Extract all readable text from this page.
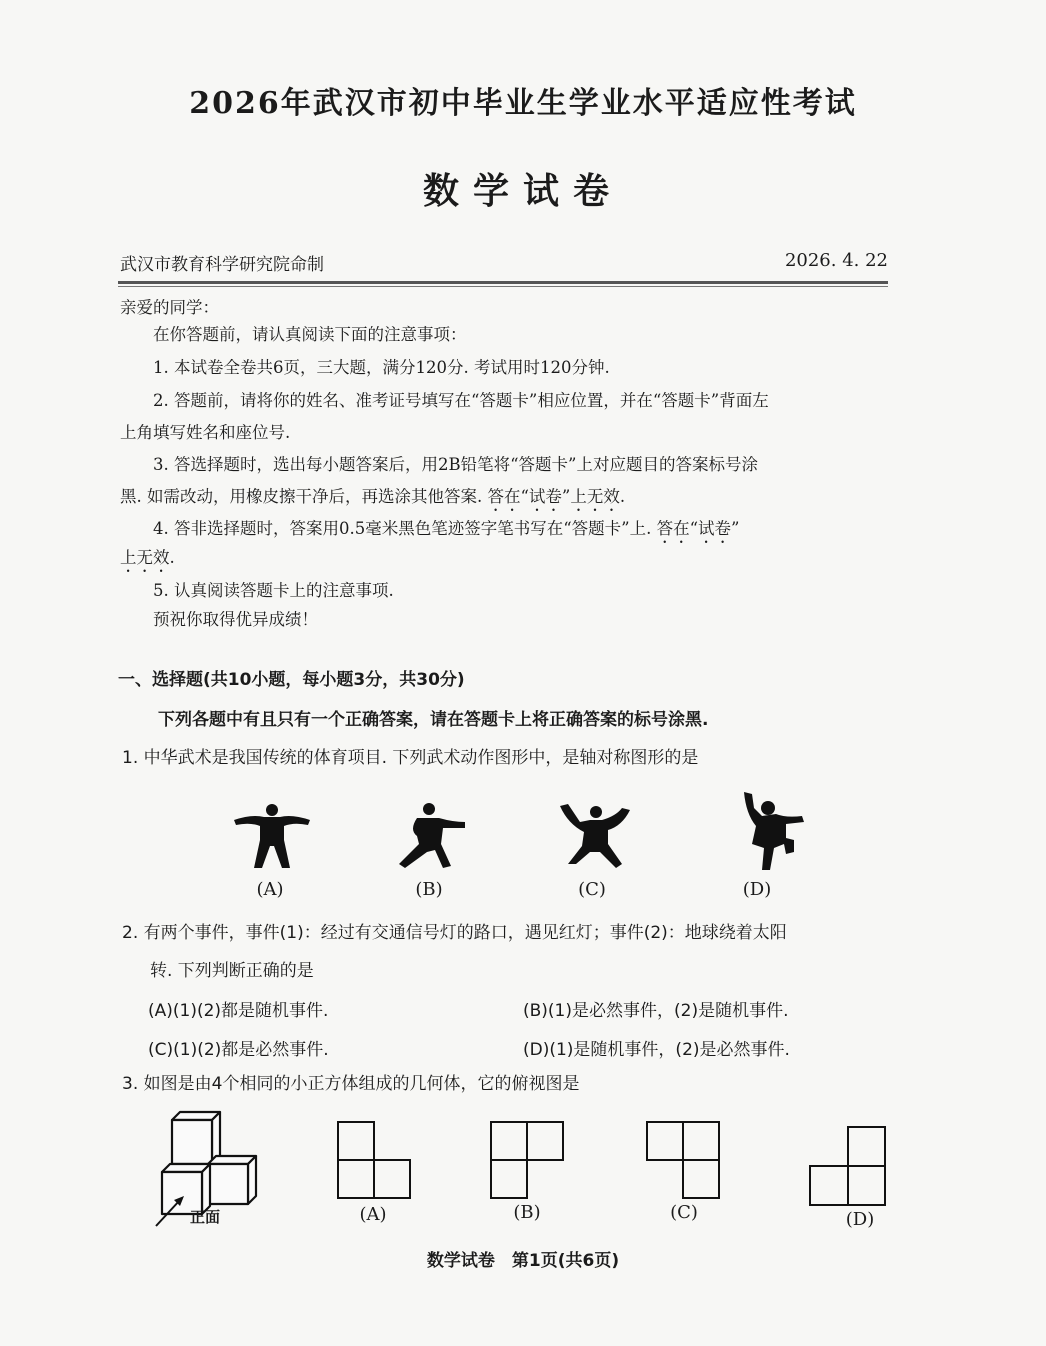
2026年武汉市初中毕业生学业水平适应性考试
数学试卷
武汉市教育科学研究院命制	2026. 4. 22
亲爱的同学：
在你答题前，请认真阅读下面的注意事项：
1. 本试卷全卷共6页，三大题，满分120分. 考试用时120分钟.
2. 答题前，请将你的姓名、准考证号填写在“答题卡”相应位置，并在“答题卡”背面左
上角填写姓名和座位号.
3. 答选择题时，选出每小题答案后，用2B铅笔将“答题卡”上对应题目的答案标号涂
黑. 如需改动，用橡皮擦干净后，再选涂其他答案. 答在“试卷”上无效.
4. 答非选择题时，答案用0.5毫米黑色笔迹签字笔书写在“答题卡”上. 答在“试卷”
上无效.
5. 认真阅读答题卡上的注意事项.
预祝你取得优异成绩！
一、选择题(共10小题，每小题3分，共30分)
下列各题中有且只有一个正确答案，请在答题卡上将正确答案的标号涂黑.
1. 中华武术是我国传统的体育项目. 下列武术动作图形中，是轴对称图形的是
(A)	(B)	(C)	(D)
2. 有两个事件，事件(1)：经过有交通信号灯的路口，遇见红灯；事件(2)：地球绕着太阳
转. 下列判断正确的是
(A)(1)(2)都是随机事件.	(B)(1)是必然事件，(2)是随机事件.
(C)(1)(2)都是必然事件.	(D)(1)是随机事件，(2)是必然事件.
3. 如图是由4个相同的小正方体组成的几何体，它的俯视图是
正面	(A)	(B)	(C)	(D)
数学试卷　第1页(共6页)
